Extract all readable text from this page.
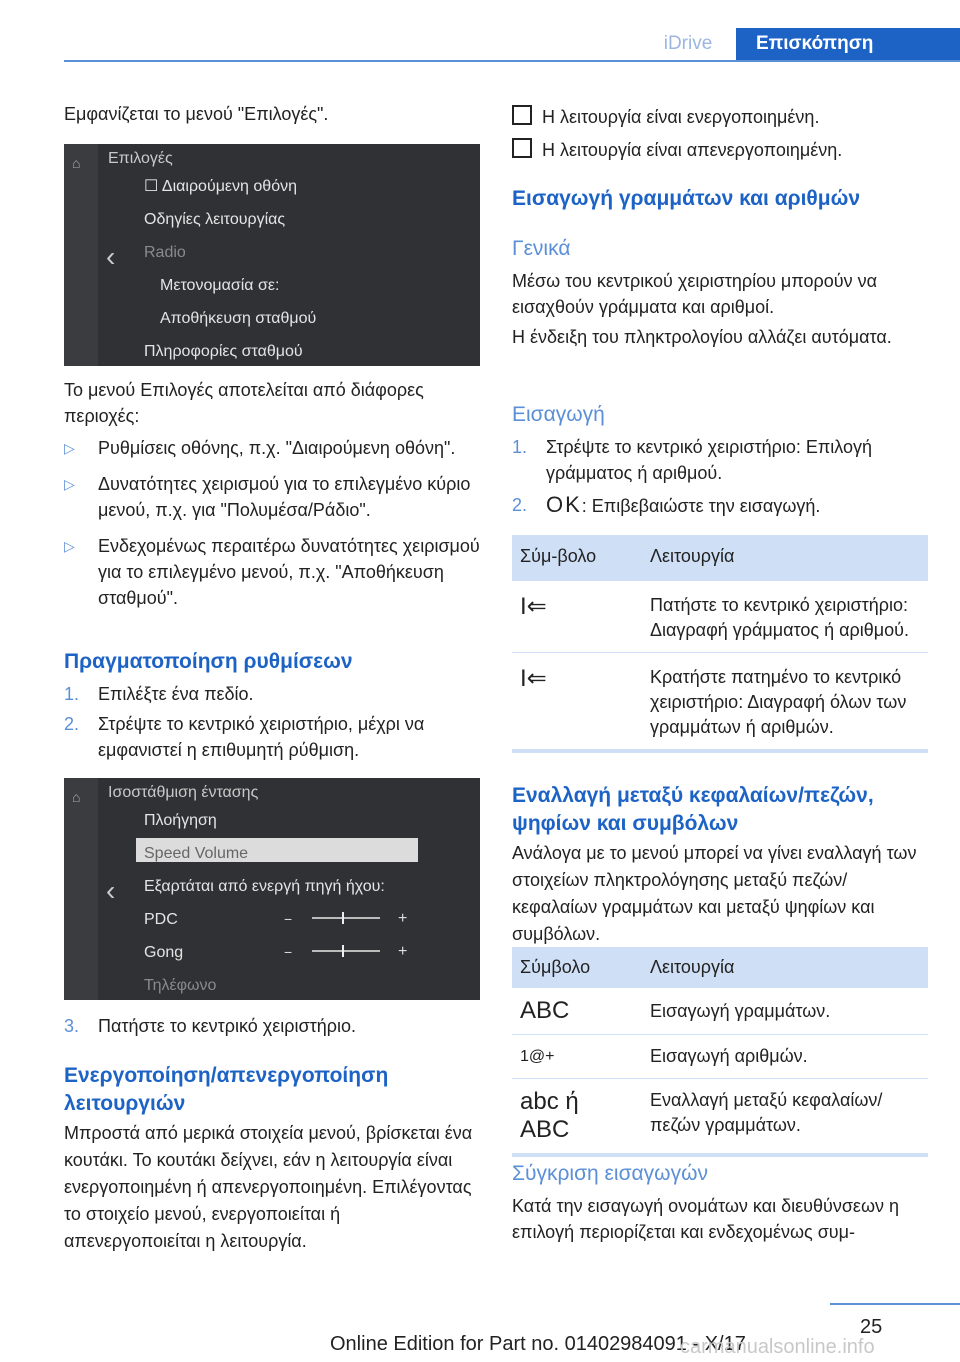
iDrive	Επισκόπηση

Εμφανίζεται το μενού "Επιλογές".

⌂	Επιλογές
‹
☐ Διαιρούμενη οθόνη
Οδηγίες λειτουργίας
Radio
Μετονομασία σε:
Αποθήκευση σταθμού
Πληροφορίες σταθμού

Το μενού Επιλογές αποτελείται από διάφορες περιοχές:

▷ Ρυθμίσεις οθόνης, π.χ. "Διαιρούμενη οθόνη".
▷ Δυνατότητες χειρισμού για το επιλεγμένο κύριο μενού, π.χ. για "Πολυμέσα/Ράδιο".
▷ Ενδεχομένως περαιτέρω δυνατότητες χειρισμού για το επιλεγμένο μενού, π.χ. "Αποθήκευση σταθμού".

Πραγματοποίηση ρυθμίσεων

1. Επιλέξτε ένα πεδίο.
2. Στρέψτε το κεντρικό χειριστήριο, μέχρι να εμφανιστεί η επιθυμητή ρύθμιση.
⌂	Ισοστάθμιση έντασης
‹
Πλοήγηση
Speed Volume
Εξαρτάται από ενεργή πηγή ήχου:
PDC	−	+
Gong	−	+
Τηλέφωνο
3. Πατήστε το κεντρικό χειριστήριο.

Ενεργοποίηση/απενεργοποίηση λειτουργιών

Μπροστά από μερικά στοιχεία μενού, βρίσκεται ένα κουτάκι. Το κουτάκι δείχνει, εάν η λειτουργία είναι ενεργοποιημένη ή απενεργοποιημένη. Επιλέγοντας το στοιχείο μενού, ενεργοποιείται ή απενεργοποιείται η λειτουργία.

Η λειτουργία είναι ενεργοποιημένη.

Η λειτουργία είναι απενεργοποιημένη.

Εισαγωγή γραμμάτων και αριθμών

Γενικά

Μέσω του κεντρικού χειριστηρίου μπορούν να εισαχθούν γράμματα και αριθμοί.

Η ένδειξη του πληκτρολογίου αλλάζει αυτόματα.

Εισαγωγή

1. Στρέψτε το κεντρικό χειριστήριο: Επιλογή γράμματος ή αριθμού.
2. OK: Επιβεβαιώστε την εισαγωγή.
Σύμ-βολο	Λειτουργία
I⇐	Πατήστε το κεντρικό χειριστήριο: Διαγραφή γράμματος ή αριθμού.
I⇐	Κρατήστε πατημένο το κεντρικό χειριστήριο: Διαγραφή όλων των γραμμάτων ή αριθμών.

Εναλλαγή μεταξύ κεφαλαίων/πεζών, ψηφίων και συμβόλων

Ανάλογα με το μενού μπορεί να γίνει εναλλαγή των στοιχείων πληκτρολόγησης μεταξύ πεζών/κεφαλαίων γραμμάτων και μεταξύ ψηφίων και συμβόλων.

Σύμβολο	Λειτουργία
ABC	Εισαγωγή γραμμάτων.
1@+	Εισαγωγή αριθμών.
abc ή ABC	Εναλλαγή μεταξύ κεφαλαίων/πεζών γραμμάτων.

Σύγκριση εισαγωγών

Κατά την εισαγωγή ονομάτων και διευθύνσεων η επιλογή περιορίζεται και ενδεχομένως συμ-

25
Online Edition for Part no. 01402984091 - X/17
carmanualsonline.info
